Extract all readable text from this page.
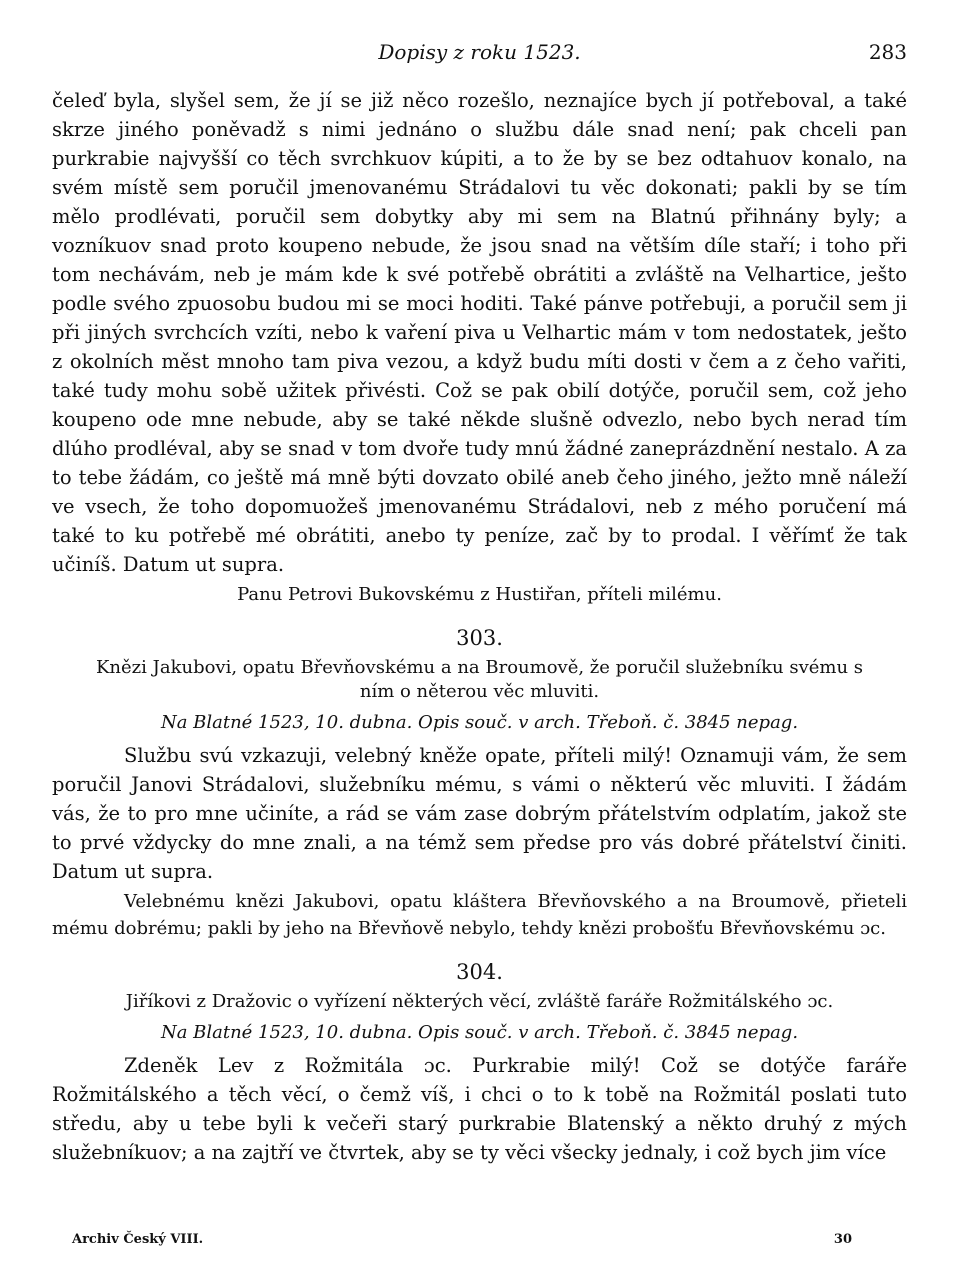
Dopisy z roku 1523.	283

čeleď byla, slyšel sem, že jí se již něco rozešlo, neznajíce bych jí potřeboval, a také skrze jiného poněvadž s nimi jednáno o službu dále snad není; pak chceli pan purkrabie najvyšší co těch svrchkuov kúpiti, a to že by se bez odtahuov konalo, na svém místě sem poručil jmenovanému Strádalovi tu věc dokonati; pakli by se tím mělo prodlévati, poručil sem dobytky aby mi sem na Blatnú přihnány byly; a vozníkuov snad proto koupeno nebude, že jsou snad na větším díle staří; i toho při tom nechávám, neb je mám kde k své potřebě obrátiti a zvláště na Velhartice, ješto podle svého zpuosobu budou mi se moci hoditi. Také pánve potřebuji, a poručil sem ji při jiných svrchcích vzíti, nebo k vaření piva u Velhartic mám v tom nedostatek, ješto z okolních měst mnoho tam piva vezou, a když budu míti dosti v čem a z čeho vařiti, také tudy mohu sobě užitek přivésti. Což se pak obilí dotýče, poručil sem, což jeho koupeno ode mne nebude, aby se také někde slušně odvezlo, nebo bych nerad tím dlúho prodléval, aby se snad v tom dvoře tudy mnú žádné zaneprázdnění nestalo. A za to tebe žádám, co ještě má mně býti dovzato obilé aneb čeho jiného, ježto mně náleží ve vsech, že toho dopomuožeš jmenovanému Strádalovi, neb z mého poručení má také to ku potřebě mé obrátiti, anebo ty peníze, zač by to prodal. I věřímť že tak učiníš. Datum ut supra.

Panu Petrovi Bukovskému z Hustiřan, příteli milému.

303.
Knězi Jakubovi, opatu Břevňovskému a na Broumově, že poručil služebníku svému s ním o něterou věc mluviti.
Na Blatné 1523, 10. dubna. Opis souč. v arch. Třeboň. č. 3845 nepag.

Službu svú vzkazuji, velebný kněže opate, příteli milý! Oznamuji vám, že sem poručil Janovi Strádalovi, služebníku mému, s vámi o některú věc mluviti. I žádám vás, že to pro mne učiníte, a rád se vám zase dobrým přátelstvím odplatím, jakož ste to prvé vždycky do mne znali, a na témž sem předse pro vás dobré přátelství činiti. Datum ut supra.

Velebnému knězi Jakubovi, opatu kláštera Břevňovského a na Broumově, přieteli mému dobrému; pakli by jeho na Břevňově nebylo, tehdy knězi probošťu Břevňovskému ɔc.

304.
Jiříkovi z Dražovic o vyřízení některých věcí, zvláště faráře Rožmitálského ɔc.
Na Blatné 1523, 10. dubna. Opis souč. v arch. Třeboň. č. 3845 nepag.

Zdeněk Lev z Rožmitála ɔc. Purkrabie milý! Což se dotýče faráře Rožmitálského a těch věcí, o čemž víš, i chci o to k tobě na Rožmitál poslati tuto středu, aby u tebe byli k večeři starý purkrabie Blatenský a někto druhý z mých služebníkuov; a na zajtří ve čtvrtek, aby se ty věci všecky jednaly, i což bych jim více

Archiv Český VIII.	30
